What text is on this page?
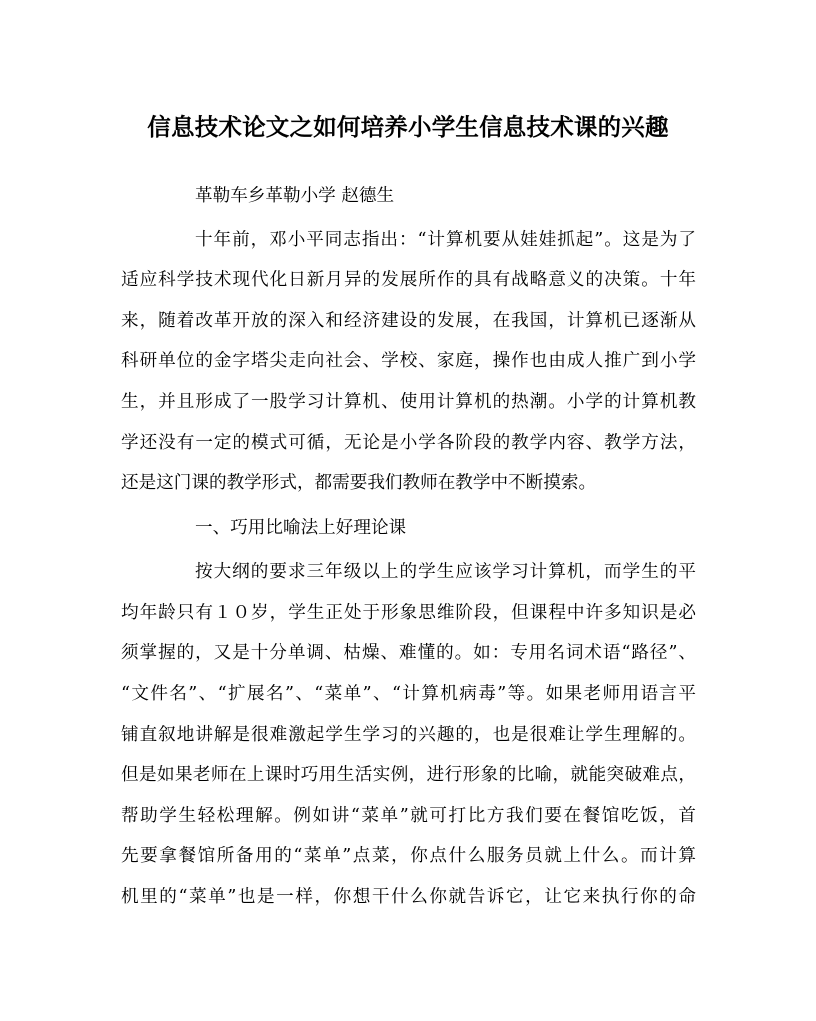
信息技术论文之如何培养小学生信息技术课的兴趣
革勒车乡革勒小学 赵德生
十年前，邓小平同志指出：“计算机要从娃娃抓起”。这是为了
适应科学技术现代化日新月异的发展所作的具有战略意义的决策。十年
来，随着改革开放的深入和经济建设的发展，在我国，计算机已逐渐从
科研单位的金字塔尖走向社会、学校、家庭，操作也由成人推广到小学
生，并且形成了一股学习计算机、使用计算机的热潮。小学的计算机教
学还没有一定的模式可循，无论是小学各阶段的教学内容、教学方法，
还是这门课的教学形式，都需要我们教师在教学中不断摸索。
一、巧用比喻法上好理论课
按大纲的要求三年级以上的学生应该学习计算机，而学生的平
均年龄只有１０岁，学生正处于形象思维阶段，但课程中许多知识是必
须掌握的，又是十分单调、枯燥、难懂的。如：专用名词术语“路径”、
“文件名”、“扩展名”、“菜单”、“计算机病毒”等。如果老师用语言平
铺直叙地讲解是很难激起学生学习的兴趣的，也是很难让学生理解的。
但是如果老师在上课时巧用生活实例，进行形象的比喻，就能突破难点，
帮助学生轻松理解。例如讲“菜单”就可打比方我们要在餐馆吃饭，首
先要拿餐馆所备用的“菜单”点菜，你点什么服务员就上什么。而计算
机里的“菜单”也是一样，你想干什么你就告诉它，让它来执行你的命
